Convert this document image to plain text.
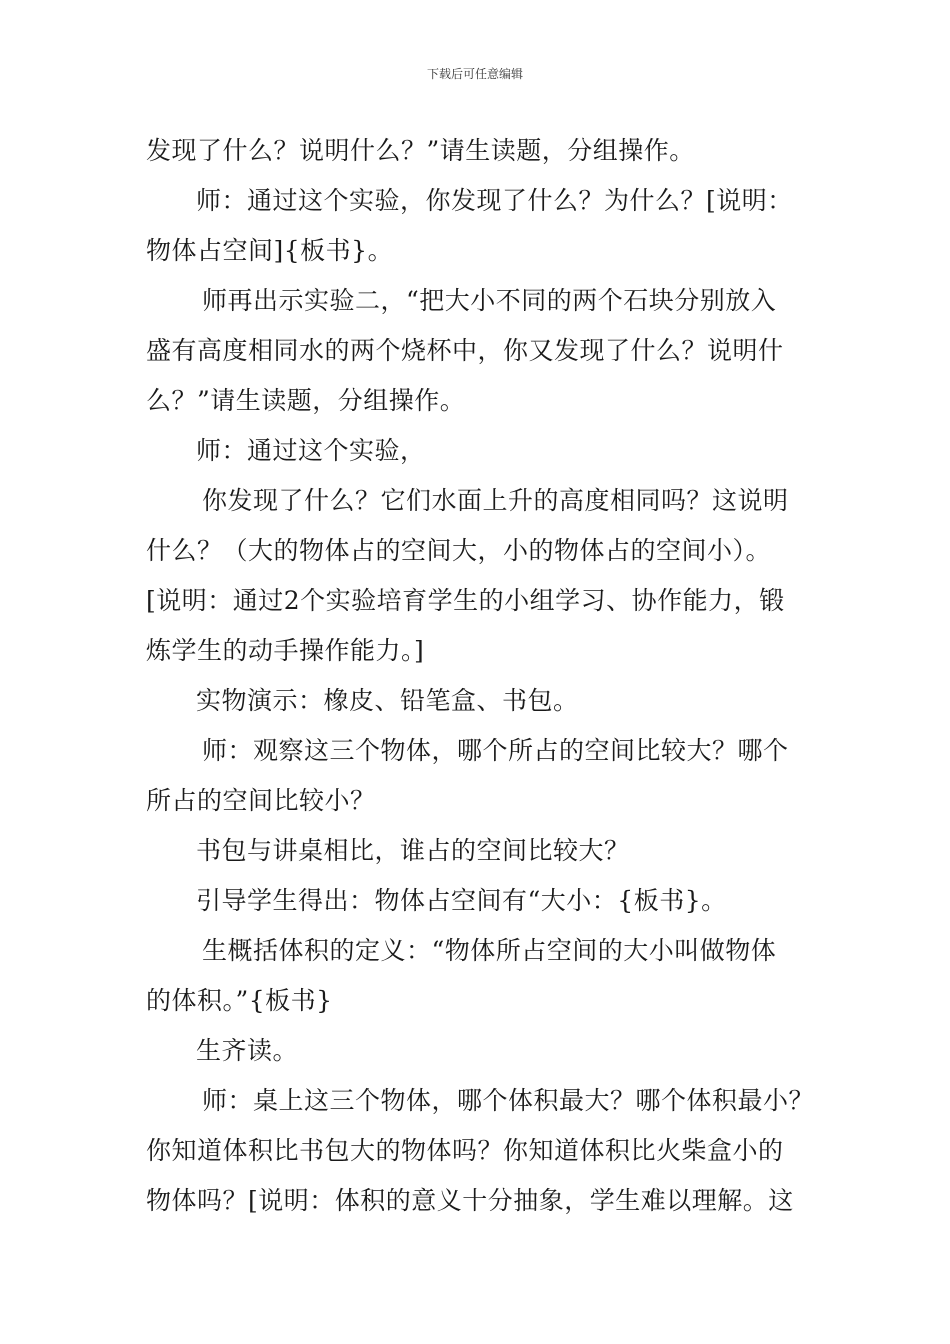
下载后可任意编辑
发现了什么？说明什么？”请生读题，分组操作。
师：通过这个实验，你发现了什么？为什么？[说明：
物体占空间]{板书}。
师再出示实验二，“把大小不同的两个石块分别放入
盛有高度相同水的两个烧杯中，你又发现了什么？说明什
么？”请生读题，分组操作。
师：通过这个实验，
你发现了什么？它们水面上升的高度相同吗？这说明
什么？（大的物体占的空间大，小的物体占的空间小）。
[说明：通过2个实验培育学生的小组学习、协作能力，锻
炼学生的动手操作能力。]
实物演示：橡皮、铅笔盒、书包。
师：观察这三个物体，哪个所占的空间比较大？哪个
所占的空间比较小？
书包与讲桌相比，谁占的空间比较大？
引导学生得出：物体占空间有“大小：{板书}。
生概括体积的定义：“物体所占空间的大小叫做物体
的体积。”{板书}
生齐读。
师：桌上这三个物体，哪个体积最大？哪个体积最小？
你知道体积比书包大的物体吗？你知道体积比火柴盒小的
物体吗？[说明：体积的意义十分抽象，学生难以理解。这
